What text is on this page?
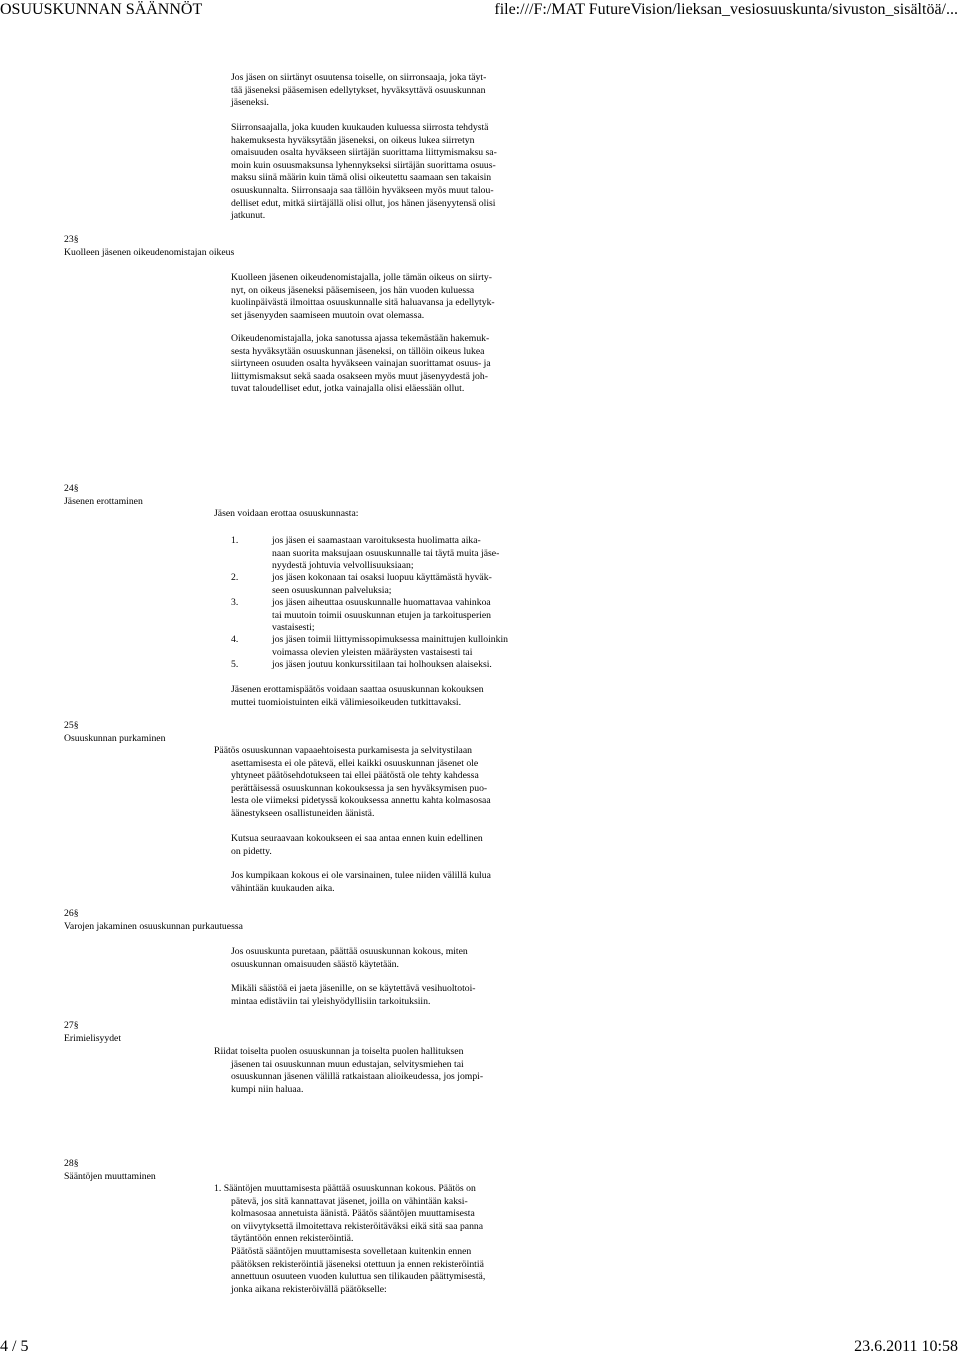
OSUUSKUNNAN SÄÄNNÖT	file:///F:/MAT FutureVision/lieksan_vesiosuuskunta/sivuston_sisältöä/...
Jos jäsen on siirtänyt osuutensa toiselle, on siirronsaaja, joka täyt-
tää jäseneksi pääsemisen edellytykset, hyväksyttävä osuuskunnan
jäseneksi.
Siirronsaajalla, joka kuuden kuukauden kuluessa siirrosta tehdystä
hakemuksesta hyväksytään jäseneksi, on oikeus lukea siirretyn
omaisuuden osalta hyväkseen siirtäjän suorittama liittymismaksu sa-
moin kuin osuusmaksunsa lyhennykseksi siirtäjän suorittama osuus-
maksu siinä määrin kuin tämä olisi oikeutettu saamaan sen takaisin
osuuskunnalta. Siirronsaaja saa tällöin hyväkseen myös muut talou-
delliset edut, mitkä siirtäjällä olisi ollut, jos hänen jäsenyytensä olisi
jatkunut.
23§
Kuolleen jäsenen oikeudenomistajan oikeus
Kuolleen jäsenen oikeudenomistajalla, jolle tämän oikeus on siirty-
nyt, on oikeus jäseneksi pääsemiseen, jos hän vuoden kuluessa
kuolinpäivästä ilmoittaa osuuskunnalle sitä haluavansa ja edellytyk-
set jäsenyyden saamiseen muutoin ovat olemassa.
Oikeudenomistajalla, joka sanotussa ajassa tekemästään hakemuk-
sesta hyväksytään osuuskunnan jäseneksi, on tällöin oikeus lukea
siirtyneen osuuden osalta hyväkseen vainajan suorittamat osuus- ja
liittymismaksut sekä saada osakseen myös muut jäsenyydestä joh-
tuvat taloudelliset edut, jotka vainajalla olisi eläessään ollut.
24§
Jäsenen erottaminen
Jäsen voidaan erottaa osuuskunnasta:
1.	jos jäsen ei saamastaan varoituksesta huolimatta aika-
naan suorita maksujaan osuuskunnalle tai täytä muita jäse-
nyydestä johtuvia velvollisuuksiaan;
2.	jos jäsen kokonaan tai osaksi luopuu käyttämästä hyväk-
seen osuuskunnan palveluksia;
3.	jos jäsen aiheuttaa osuuskunnalle huomattavaa vahinkoa
tai muutoin toimii osuuskunnan etujen ja tarkoitusperien
vastaisesti;
4.	jos jäsen toimii liittymissopimuksessa mainittujen kulloinkin
voimassa olevien yleisten määräysten vastaisesti tai
5.	jos jäsen joutuu konkurssitilaan tai holhouksen alaiseksi.
Jäsenen erottamispäätös voidaan saattaa osuuskunnan kokouksen
muttei tuomioistuinten eikä välimiesoikeuden tutkittavaksi.
25§
Osuuskunnan purkaminen
Päätös osuuskunnan vapaaehtoisesta purkamisesta ja selvitystilaan
asettamisesta ei ole pätevä, ellei kaikki osuuskunnan jäsenet ole
yhtyneet päätösehdotukseen tai ellei päätöstä ole tehty kahdessa
perättäisessä osuuskunnan kokouksessa ja sen hyväksymisen puo-
lesta ole viimeksi pidetyssä kokouksessa annettu kahta kolmasosaa
äänestykseen osallistuneiden äänistä.
Kutsua seuraavaan kokoukseen ei saa antaa ennen kuin edellinen
on pidetty.
Jos kumpikaan kokous ei ole varsinainen, tulee niiden välillä kulua
vähintään kuukauden aika.
26§
Varojen jakaminen osuuskunnan purkautuessa
Jos osuuskunta puretaan, päättää osuuskunnan kokous, miten
osuuskunnan omaisuuden säästö käytetään.
Mikäli säästöä ei jaeta jäsenille, on se käytettävä vesihuoltotoi-
mintaa edistäviin tai yleishyödyllisiin tarkoituksiin.
27§
Erimielisyydet
Riidat toiselta puolen osuuskunnan ja toiselta puolen hallituksen
jäsenen tai osuuskunnan muun edustajan, selvitysmiehen tai
osuuskunnan jäsenen välillä ratkaistaan alioikeudessa, jos jompi-
kumpi niin haluaa.
28§
Sääntöjen muuttaminen
1. Sääntöjen muuttamisesta päättää osuuskunnan kokous. Päätös on
pätevä, jos sitä kannattavat jäsenet, joilla on vähintään kaksi-
kolmasosaa annetuista äänistä. Päätös sääntöjen muuttamisesta
on viivytyksettä ilmoitettava rekisteröitäväksi eikä sitä saa panna
täytäntöön ennen rekisteröintiä.
Päätöstä sääntöjen muuttamisesta sovelletaan kuitenkin ennen
päätöksen rekisteröintiä jäseneksi otettuun ja ennen rekisteröintiä
annettuun osuuteen vuoden kuluttua sen tilikauden päättymisestä,
jonka aikana rekisteröivällä päätökselle:
4 / 5	23.6.2011 10:58
